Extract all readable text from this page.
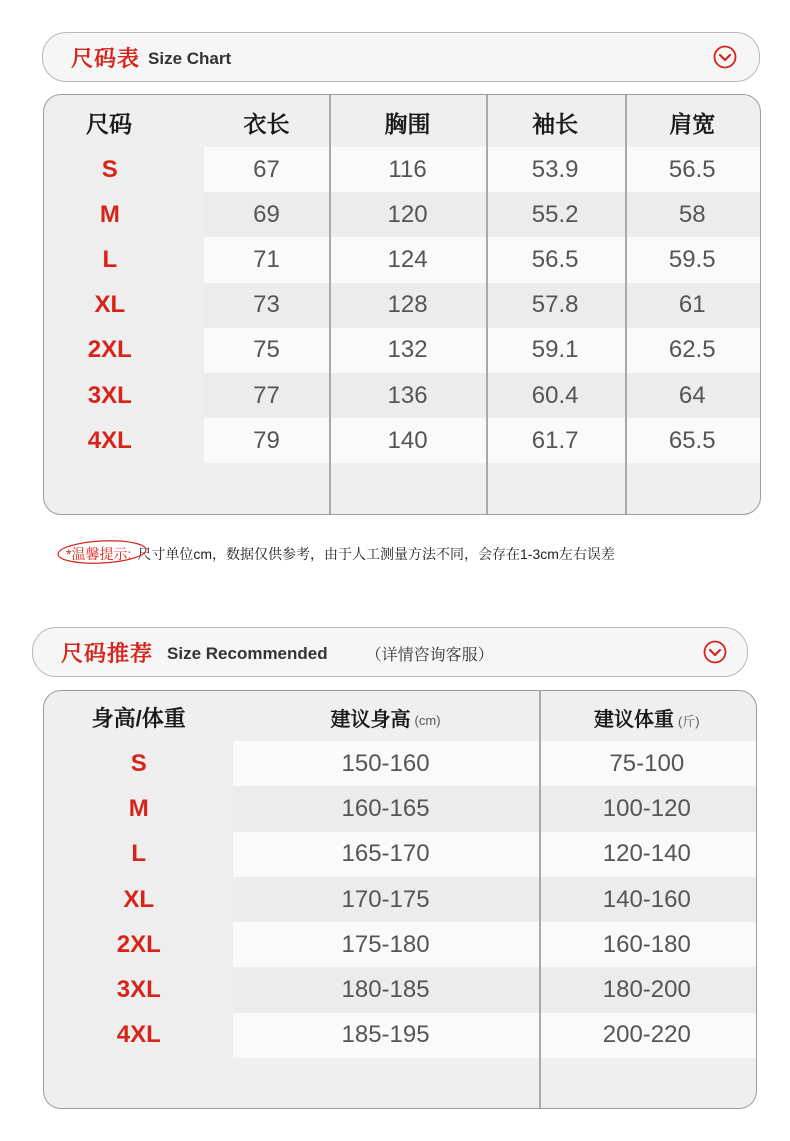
尺码表 Size Chart
尺码	衣长	胸围	袖长	肩宽
S	67	116	53.9	56.5
M	69	120	55.2	58
L	71	124	56.5	59.5
XL	73	128	57.8	61
2XL	75	132	59.1	62.5
3XL	77	136	60.4	64
4XL	79	140	61.7	65.5
*温馨提示: 尺寸单位cm，数据仅供参考，由于人工测量方法不同，会存在1-3cm左右误差
尺码推荐 Size Recommended （详情咨询客服）
身高/体重	建议身高 (cm)	建议体重 (斤)
S	150-160	75-100
M	160-165	100-120
L	165-170	120-140
XL	170-175	140-160
2XL	175-180	160-180
3XL	180-185	180-200
4XL	185-195	200-220
